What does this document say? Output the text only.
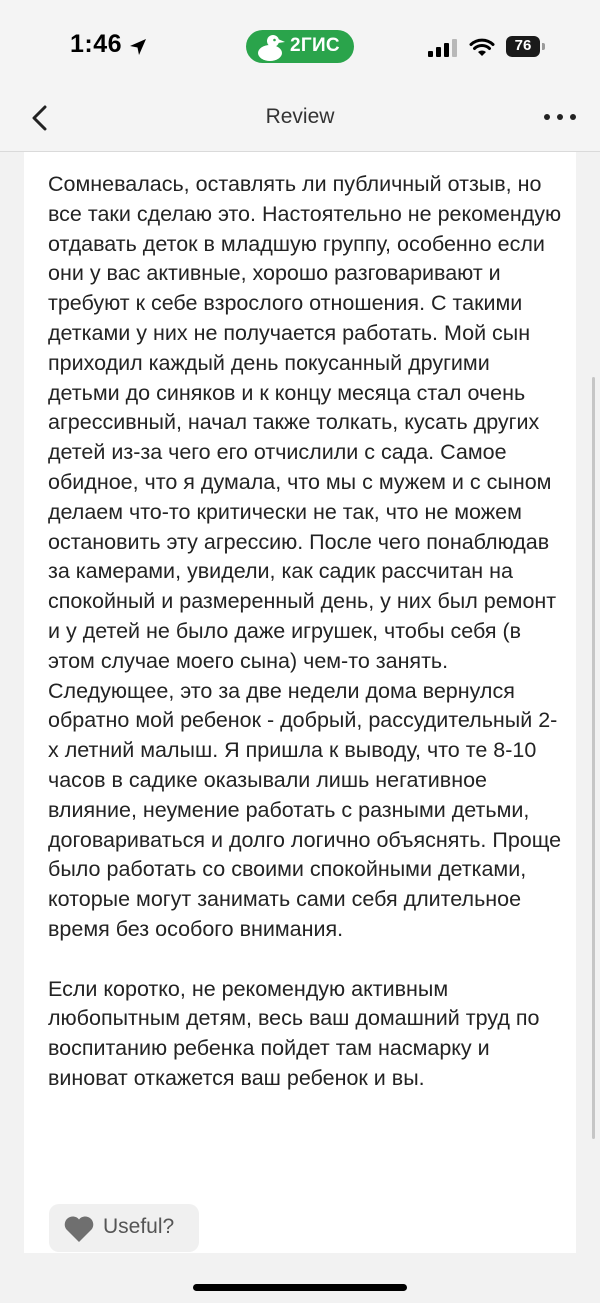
1:46	2ГИС	76
Review

Сомневалась, оставлять ли публичный отзыв, но все таки сделаю это. Настоятельно не рекомендую отдавать деток в младшую группу, особенно если они у вас активные, хорошо разговаривают и требуют к себе взрослого отношения. С такими детками у них не получается работать. Мой сын приходил каждый день покусанный другими детьми до синяков и к концу месяца стал очень агрессивный, начал также толкать, кусать других детей из-за чего его отчислили с сада. Самое обидное, что я думала, что мы с мужем и с сыном делаем что-то критически не так, что не можем остановить эту агрессию. После чего понаблюдав за камерами, увидели, как садик рассчитан на спокойный и размеренный день, у них был ремонт и у детей не было даже игрушек, чтобы себя (в этом случае моего сына) чем-то занять. Следующее, это за две недели дома вернулся обратно мой ребенок - добрый, рассудительный 2-х летний малыш. Я пришла к выводу, что те 8-10 часов в садике оказывали лишь негативное влияние, неумение работать с разными детьми, договариваться и долго логично объяснять. Проще было работать со своими спокойными детками, которые могут занимать сами себя длительное время без особого внимания.

Если коротко, не рекомендую активным любопытным детям, весь ваш домашний труд по воспитанию ребенка пойдет там насмарку и виноват откажется ваш ребенок и вы.

Useful?
